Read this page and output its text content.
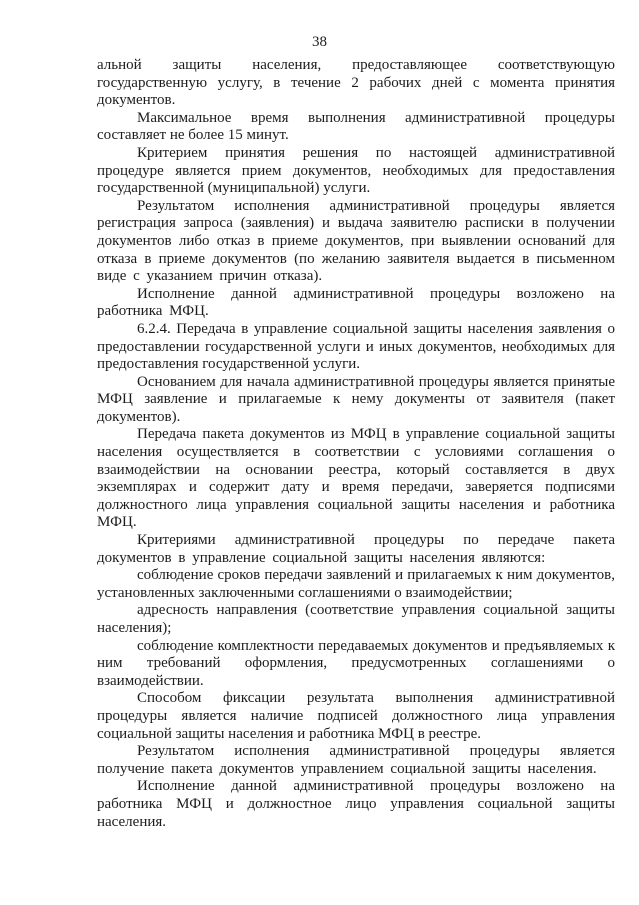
38

альной защиты населения, предоставляющее соответствующую государственную услугу, в течение 2 рабочих дней с момента принятия документов.

Максимальное время выполнения административной процедуры составляет не более 15 минут.

Критерием принятия решения по настоящей административной процедуре является прием документов, необходимых для предоставления государственной (муниципальной) услуги.

Результатом исполнения административной процедуры является регистрация запроса (заявления) и выдача заявителю расписки в получении документов либо отказ в приеме документов, при выявлении оснований для отказа в приеме документов (по желанию заявителя выдается в письменном виде с указанием причин отказа).

Исполнение данной административной процедуры возложено на работника МФЦ.

6.2.4. Передача в управление социальной защиты населения заявления о предоставлении государственной услуги и иных документов, необходимых для предоставления государственной услуги.

Основанием для начала административной процедуры является принятые МФЦ заявление и прилагаемые к нему документы от заявителя (пакет документов).

Передача пакета документов из МФЦ в управление социальной защиты населения осуществляется в соответствии с условиями соглашения о взаимодействии на основании реестра, который составляется в двух экземплярах и содержит дату и время передачи, заверяется подписями должностного лица управления социальной защиты населения и работника МФЦ.

Критериями административной процедуры по передаче пакета документов в управление социальной защиты населения являются:

соблюдение сроков передачи заявлений и прилагаемых к ним документов, установленных заключенными соглашениями о взаимодействии;

адресность направления (соответствие управления социальной защиты населения);

соблюдение комплектности передаваемых документов и предъявляемых к ним требований оформления, предусмотренных соглашениями о взаимодействии.

Способом фиксации результата выполнения административной процедуры является наличие подписей должностного лица управления социальной защиты населения и работника МФЦ в реестре.

Результатом исполнения административной процедуры является получение пакета документов управлением социальной защиты населения.

Исполнение данной административной процедуры возложено на работника МФЦ и должностное лицо управления социальной защиты населения.
